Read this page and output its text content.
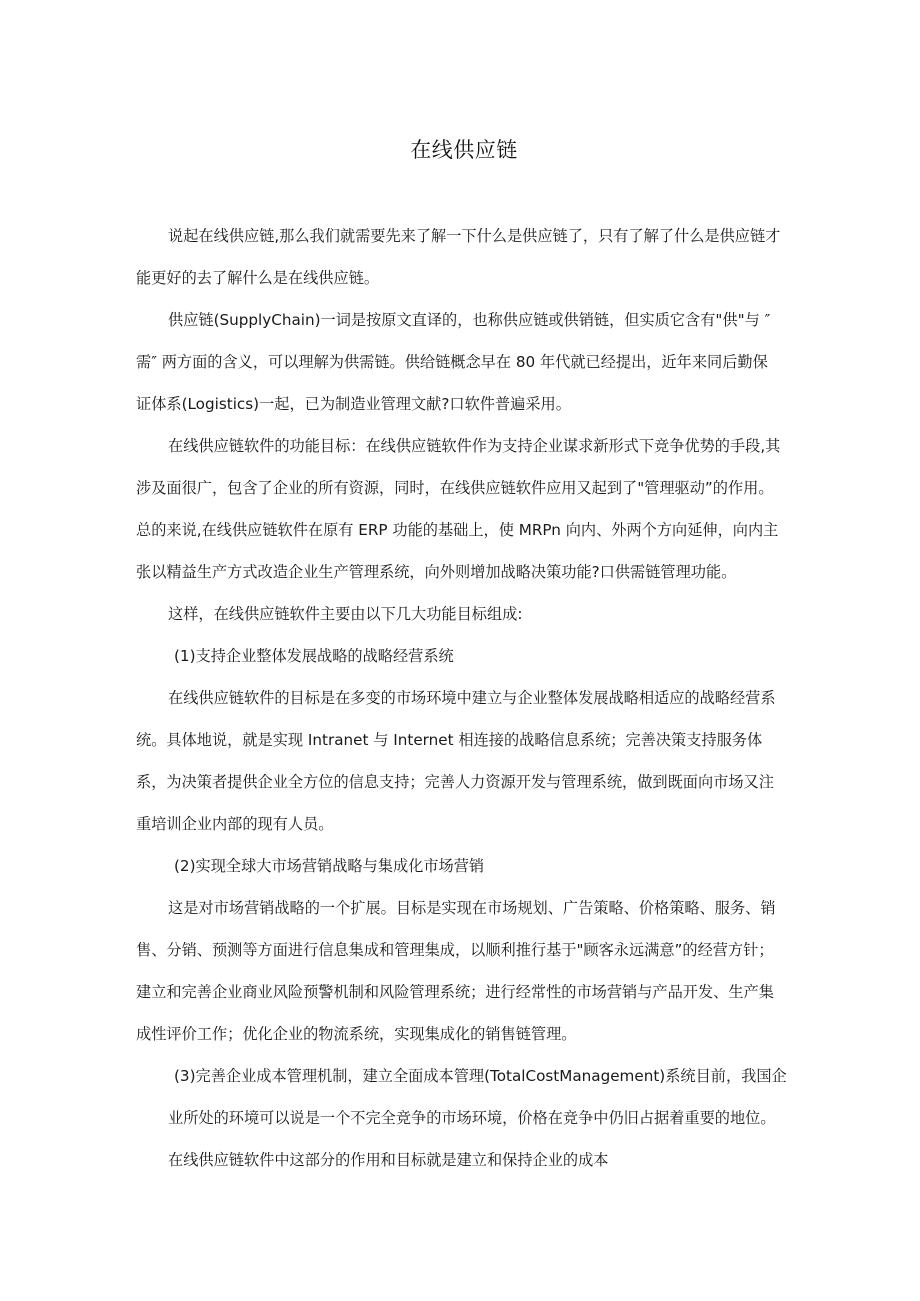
在线供应链
说起在线供应链,那么我们就需要先来了解一下什么是供应链了，只有了解了什么是供应链才
能更好的去了解什么是在线供应链。
供应链(SupplyChain)一词是按原文直译的，也称供应链或供销链，但实质它含有"供"与 ″
需″ 两方面的含义，可以理解为供需链。供给链概念早在 80 年代就已经提出，近年来同后勤保
证体系(Logistics)一起，已为制造业管理文献?口软件普遍采用。
在线供应链软件的功能目标：在线供应链软件作为支持企业谋求新形式下竞争优势的手段,其
涉及面很广，包含了企业的所有资源，同时，在线供应链软件应用又起到了"管理驱动”的作用。
总的来说,在线供应链软件在原有 ERP 功能的基础上，使 MRPn 向内、外两个方向延伸，向内主
张以精益生产方式改造企业生产管理系统，向外则增加战略决策功能?口供需链管理功能。
这样，在线供应链软件主要由以下几大功能目标组成:
(1)支持企业整体发展战略的战略经营系统
在线供应链软件的目标是在多变的市场环境中建立与企业整体发展战略相适应的战略经营系
统。具体地说，就是实现 Intranet 与 Internet 相连接的战略信息系统；完善决策支持服务体
系，为决策者提供企业全方位的信息支持；完善人力资源开发与管理系统，做到既面向市场又注
重培训企业内部的现有人员。
(2)实现全球大市场营销战略与集成化市场营销
这是对市场营销战略的一个扩展。目标是实现在市场规划、广告策略、价格策略、服务、销
售、分销、预测等方面进行信息集成和管理集成，以顺利推行基于"顾客永远满意”的经营方针；
建立和完善企业商业风险预警机制和风险管理系统；进行经常性的市场营销与产品开发、生产集
成性评价工作；优化企业的物流系统，实现集成化的销售链管理。
(3)完善企业成本管理机制，建立全面成本管理(TotalCostManagement)系统目前，我国企
业所处的环境可以说是一个不完全竞争的市场环境，价格在竞争中仍旧占据着重要的地位。
在线供应链软件中这部分的作用和目标就是建立和保持企业的成本
